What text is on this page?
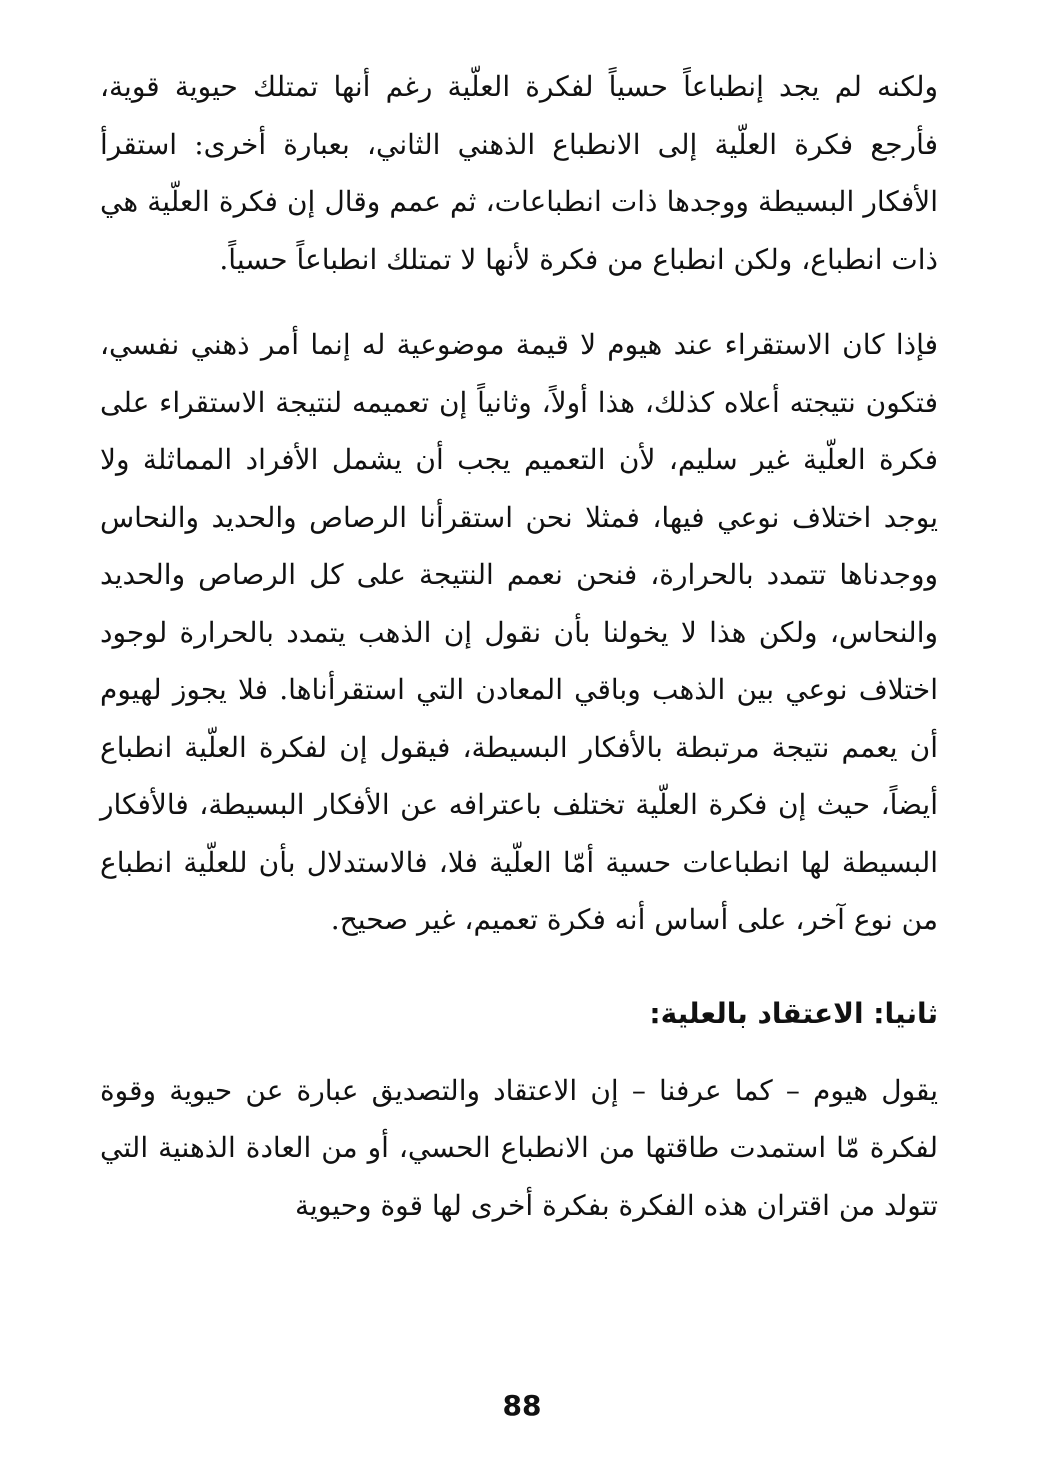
ولكنه لم يجد إنطباعاً حسياً لفكرة العلّية رغم أنها تمتلك حيوية قوية، فأرجع فكرة العلّية إلى الانطباع الذهني الثاني، بعبارة أخرى: استقرأ الأفكار البسيطة ووجدها ذات انطباعات، ثم عمم وقال إن فكرة العلّية هي ذات انطباع، ولكن انطباع من فكرة لأنها لا تمتلك انطباعاً حسياً.

فإذا كان الاستقراء عند هيوم لا قيمة موضوعية له إنما أمر ذهني نفسي، فتكون نتيجته أعلاه كذلك، هذا أولاً، وثانياً إن تعميمه لنتيجة الاستقراء على فكرة العلّية غير سليم، لأن التعميم يجب أن يشمل الأفراد المماثلة ولا يوجد اختلاف نوعي فيها، فمثلا نحن استقرأنا الرصاص والحديد والنحاس ووجدناها تتمدد بالحرارة، فنحن نعمم النتيجة على كل الرصاص والحديد والنحاس، ولكن هذا لا يخولنا بأن نقول إن الذهب يتمدد بالحرارة لوجود اختلاف نوعي بين الذهب وباقي المعادن التي استقرأناها. فلا يجوز لهيوم أن يعمم نتيجة مرتبطة بالأفكار البسيطة، فيقول إن لفكرة العلّية انطباع أيضاً، حيث إن فكرة العلّية تختلف باعترافه عن الأفكار البسيطة، فالأفكار البسيطة لها انطباعات حسية أمّا العلّية فلا، فالاستدلال بأن للعلّية انطباع من نوع آخر، على أساس أنه فكرة تعميم، غير صحيح.

ثانيا: الاعتقاد بالعلية:

يقول هيوم – كما عرفنا – إن الاعتقاد والتصديق عبارة عن حيوية وقوة لفكرة مّا استمدت طاقتها من الانطباع الحسي، أو من العادة الذهنية التي تتولد من اقتران هذه الفكرة بفكرة أخرى لها قوة وحيوية

88
